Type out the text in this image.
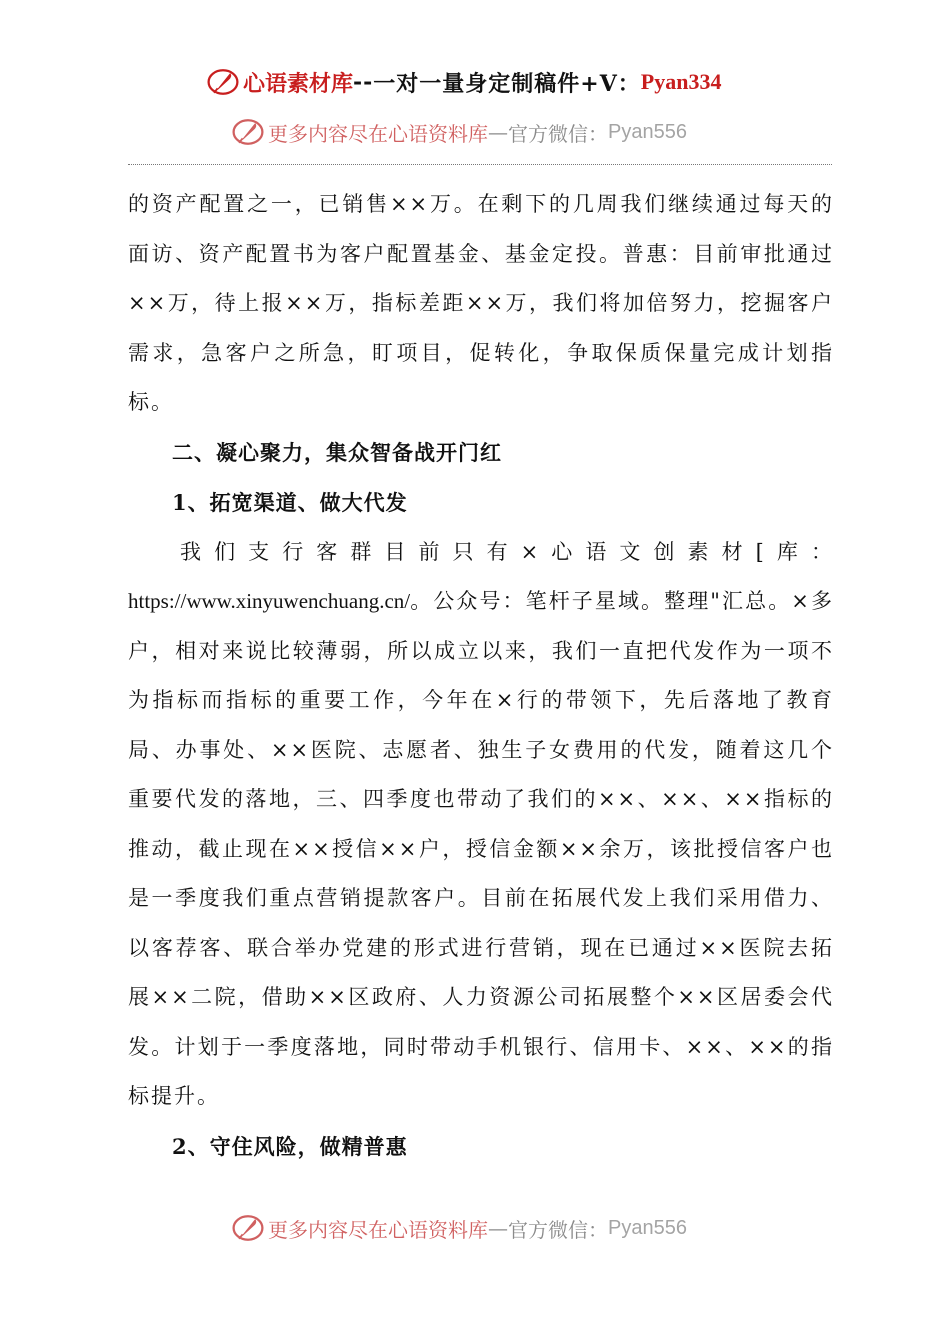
心语素材库 -- 一对一量身定制稿件+V： Pyan334
更多内容尽在心语资料库 — 官方微信： Pyan556

的资产配置之一，已销售××万。在剩下的几周我们继续通过每天的面访、资产配置书为客户配置基金、基金定投。普惠：目前审批通过××万，待上报××万，指标差距××万，我们将加倍努力，挖掘客户需求，急客户之所急，盯项目，促转化，争取保质保量完成计划指标。

二、凝心聚力，集众智备战开门红

1、拓宽渠道、做大代发

我们支行客群目前只有×心语文创素材[库：https://www.xinyuwenchuang.cn/。公众号：笔杆子星域。整理"汇总。×多户，相对来说比较薄弱，所以成立以来，我们一直把代发作为一项不为指标而指标的重要工作，今年在×行的带领下，先后落地了教育局、办事处、××医院、志愿者、独生子女费用的代发，随着这几个重要代发的落地，三、四季度也带动了我们的××、××、××指标的推动，截止现在××授信××户，授信金额××余万，该批授信客户也是一季度我们重点营销提款客户。目前在拓展代发上我们采用借力、以客荐客、联合举办党建的形式进行营销，现在已通过××医院去拓展××二院，借助××区政府、人力资源公司拓展整个××区居委会代发。计划于一季度落地，同时带动手机银行、信用卡、××、××的指标提升。

2、守住风险，做精普惠

更多内容尽在心语资料库 — 官方微信： Pyan556
